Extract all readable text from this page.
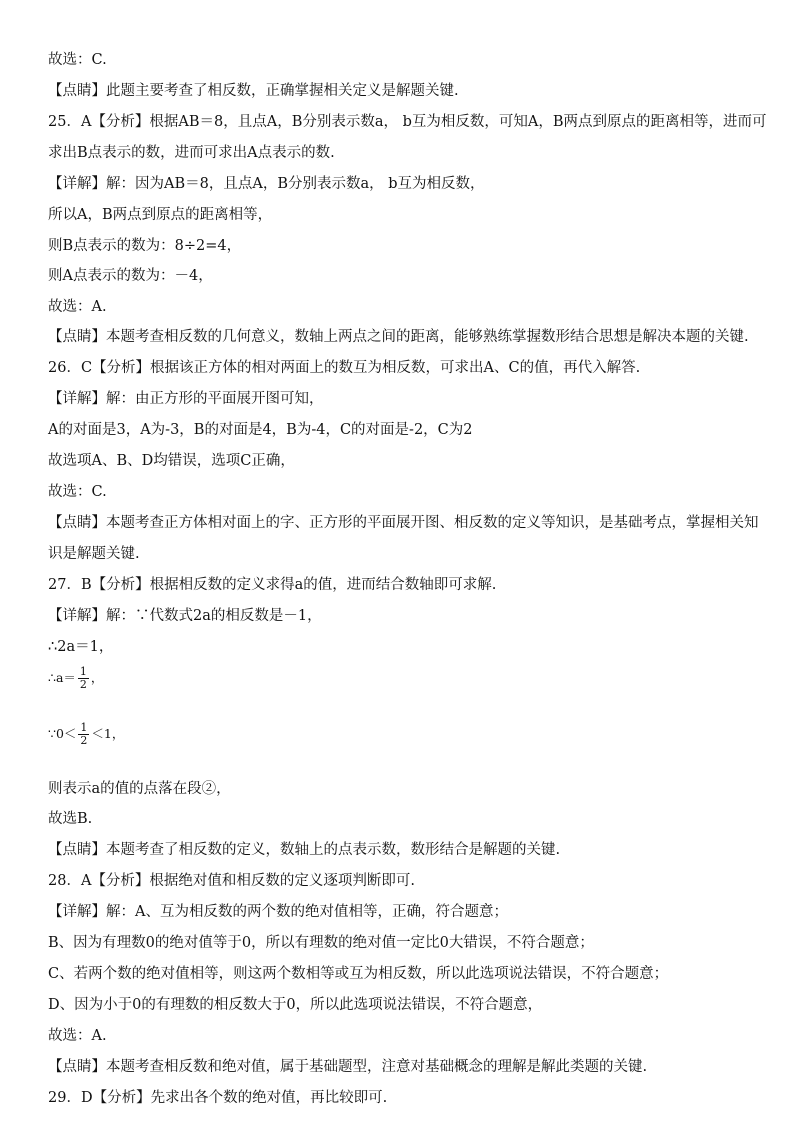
故选：C.
【点睛】此题主要考查了相反数，正确掌握相关定义是解题关键.
25．A【分析】根据AB＝8，且点A，B分别表示数a， b互为相反数，可知A，B两点到原点的距离相等，进而可
求出B点表示的数，进而可求出A点表示的数.
【详解】解：因为AB＝8，且点A，B分别表示数a， b互为相反数，
所以A，B两点到原点的距离相等，
则B点表示的数为：8÷2=4，
则A点表示的数为：－4，
故选：A.
【点睛】本题考查相反数的几何意义，数轴上两点之间的距离，能够熟练掌握数形结合思想是解决本题的关键.
26．C【分析】根据该正方体的相对两面上的数互为相反数，可求出A、C的值，再代入解答.
【详解】解：由正方形的平面展开图可知，
A的对面是3，A为-3，B的对面是4，B为-4，C的对面是-2，C为2
故选项A、B、D均错误，选项C正确，
故选：C.
【点睛】本题考查正方体相对面上的字、正方形的平面展开图、相反数的定义等知识，是基础考点，掌握相关知
识是解题关键.
27．B【分析】根据相反数的定义求得a的值，进而结合数轴即可求解.
【详解】解：∵代数式2a的相反数是－1，
∴2a＝1，
∴a＝ $\frac{1}{2}$ ，
∵0＜ $\frac{1}{2} <1$，
则表示a的值的点落在段②，
故选B.
【点睛】本题考查了相反数的定义，数轴上的点表示数，数形结合是解题的关键.
28．A【分析】根据绝对值和相反数的定义逐项判断即可.
【详解】解：A、互为相反数的两个数的绝对值相等，正确，符合题意；
B、因为有理数0的绝对值等于0，所以有理数的绝对值一定比0大错误，不符合题意；
C、若两个数的绝对值相等，则这两个数相等或互为相反数，所以此选项说法错误，不符合题意；
D、因为小于0的有理数的相反数大于0，所以此选项说法错误，不符合题意，
故选：A.
【点睛】本题考查相反数和绝对值，属于基础题型，注意对基础概念的理解是解此类题的关键.
29．D【分析】先求出各个数的绝对值，再比较即可.
